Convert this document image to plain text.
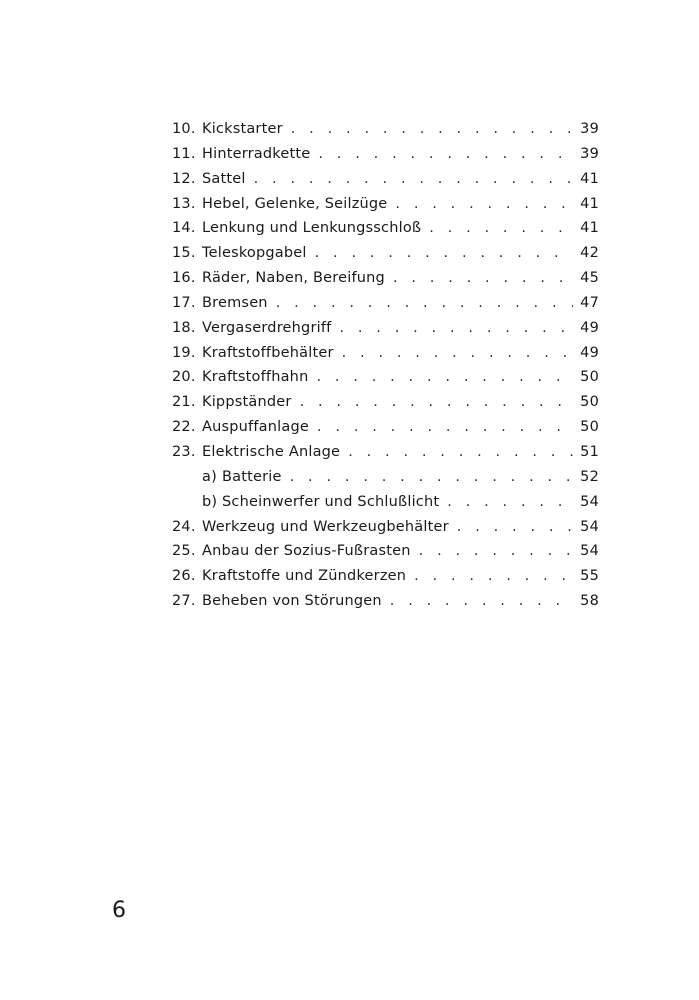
10. Kickstarter . . .	39
11. Hinterradkette . . .	39
12. Sattel . . .	41
13. Hebel, Gelenke, Seilzüge . . .	41
14. Lenkung und Lenkungsschloß . . .	41
15. Teleskopgabel . . .	42
16. Räder, Naben, Bereifung . . .	45
17. Bremsen . . .	47
18. Vergaserdrehgriff . . .	49
19. Kraftstoffbehälter . . .	49
20. Kraftstoffhahn . . .	50
21. Kippständer . . .	50
22. Auspuffanlage . . .	50
23. Elektrische Anlage . . .	51
a) Batterie . . .	52
b) Scheinwerfer und Schlußlicht . . .	54
24. Werkzeug und Werkzeugbehälter . . .	54
25. Anbau der Sozius-Fußrasten . . .	54
26. Kraftstoffe und Zündkerzen . . .	55
27. Beheben von Störungen . . .	58
6
